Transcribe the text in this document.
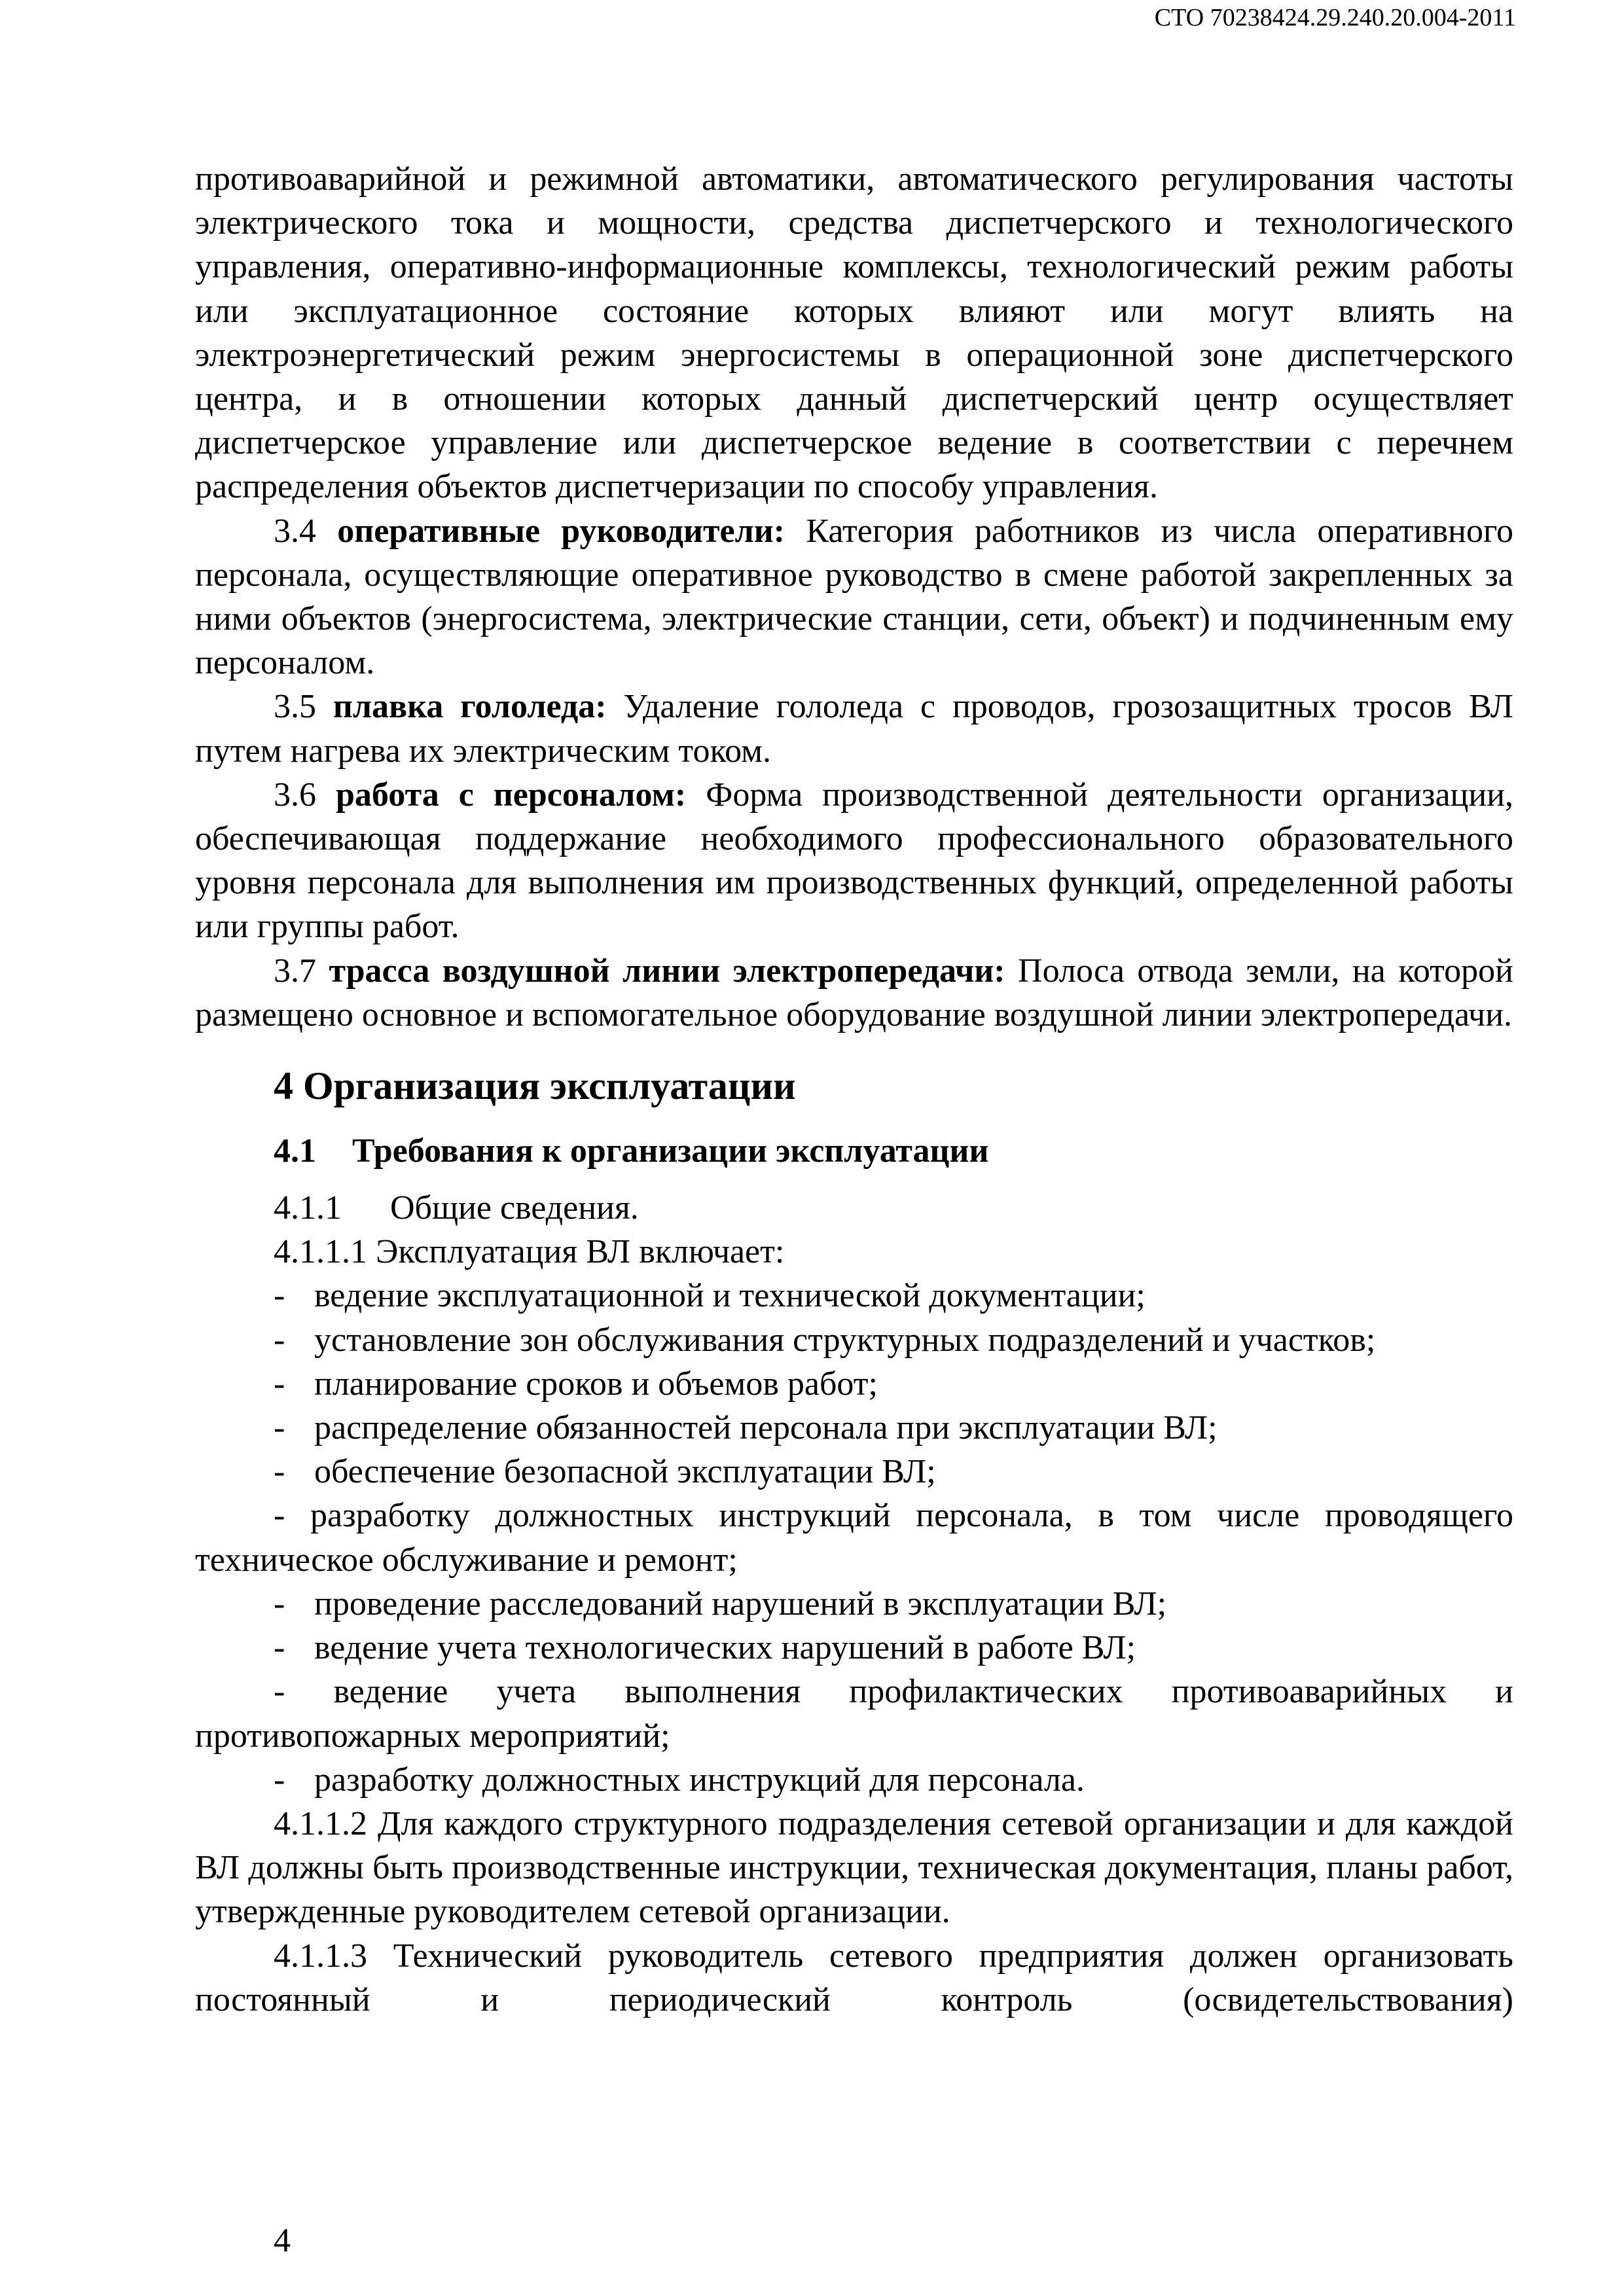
СТО 70238424.29.240.20.004-2011

противоаварийной и режимной автоматики, автоматического регулирования частоты электрического тока и мощности, средства диспетчерского и технологического управления, оперативно-информационные комплексы, технологический режим работы или эксплуатационное состояние которых влияют или могут влиять на электроэнергетический режим энергосистемы в операционной зоне диспетчерского центра, и в отношении которых данный диспетчерский центр осуществляет диспетчерское управление или диспетчерское ведение в соответствии с перечнем распределения объектов диспетчеризации по способу управления.

3.4 оперативные руководители: Категория работников из числа оперативного персонала, осуществляющие оперативное руководство в смене работой закрепленных за ними объектов (энергосистема, электрические станции, сети, объект) и подчиненным ему персоналом.

3.5 плавка гололеда: Удаление гололеда с проводов, грозозащитных тросов ВЛ путем нагрева их электрическим током.

3.6 работа с персоналом: Форма производственной деятельности организации, обеспечивающая поддержание необходимого профессионального образовательного уровня персонала для выполнения им производственных функций, определенной работы или группы работ.

3.7 трасса воздушной линии электропередачи: Полоса отвода земли, на которой размещено основное и вспомогательное оборудование воздушной линии электропередачи.

4 Организация эксплуатации
4.1 Требования к организации эксплуатации

4.1.1 Общие сведения.

4.1.1.1 Эксплуатация ВЛ включает:

- ведение эксплуатационной и технической документации;

- установление зон обслуживания структурных подразделений и участков;

- планирование сроков и объемов работ;

- распределение обязанностей персонала при эксплуатации ВЛ;

- обеспечение безопасной эксплуатации ВЛ;

- разработку должностных инструкций персонала, в том числе проводящего техническое обслуживание и ремонт;

- проведение расследований нарушений в эксплуатации ВЛ;

- ведение учета технологических нарушений в работе ВЛ;

- ведение учета выполнения профилактических противоаварийных и противопожарных мероприятий;

- разработку должностных инструкций для персонала.

4.1.1.2 Для каждого структурного подразделения сетевой организации и для каждой ВЛ должны быть производственные инструкции, техническая документация, планы работ, утвержденные руководителем сетевой организации.

4.1.1.3 Технический руководитель сетевого предприятия должен организовать постоянный и периодический контроль (освидетельствования)

4
